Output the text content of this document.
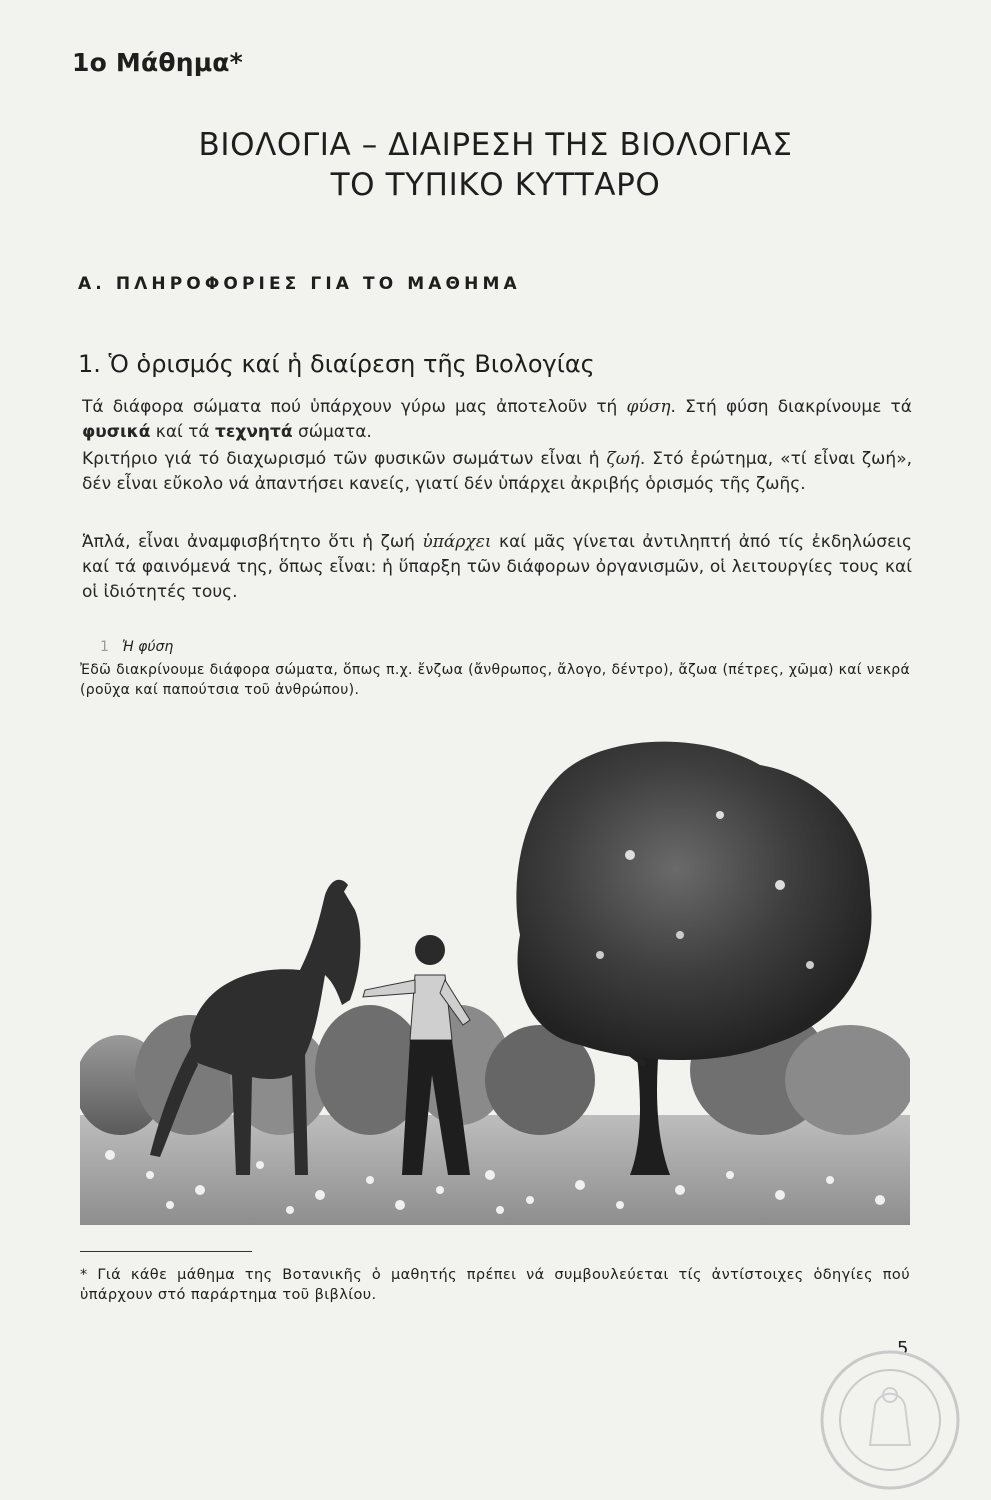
1ο Μάθημα*
ΒΙΟΛΟΓΙΑ – ΔΙΑΙΡΕΣΗ ΤΗΣ ΒΙΟΛΟΓΙΑΣ
ΤΟ ΤΥΠΙΚΟ ΚΥΤΤΑΡΟ
Α. ΠΛΗΡΟΦΟΡΙΕΣ ΓΙΑ ΤΟ ΜΑΘΗΜΑ
1. Ὁ ὁρισμός καί ἡ διαίρεση τῆς Βιολογίας
Τά διάφορα σώματα πού ὑπάρχουν γύρω μας ἀποτελοῦν τή φύση. Στή φύση διακρίνουμε τά φυσικά καί τά τεχνητά σώματα.
Κριτήριο γιά τό διαχωρισμό τῶν φυσικῶν σωμάτων εἶναι ἡ ζωή. Στό ἐρώτημα, «τί εἶναι ζωή», δέν εἶναι εὔκολο νά ἀπαντήσει κανείς, γιατί δέν ὑπάρχει ἀκριβής ὁρισμός τῆς ζωῆς.
Ἁπλά, εἶναι ἀναμφισβήτητο ὅτι ἡ ζωή ὑπάρχει καί μᾶς γίνεται ἀντιληπτή ἀπό τίς ἐκδηλώσεις καί τά φαινόμενά της, ὅπως εἶναι: ἡ ὕπαρξη τῶν διάφορων ὀργανισμῶν, οἱ λειτουργίες τους καί οἱ ἰδιότητές τους.
1 Ἡ φύση
Ἐδῶ διακρίνουμε διάφορα σώματα, ὅπως π.χ. ἔνζωα (ἄνθρωπος, ἄλογο, δέντρο), ἄζωα (πέτρες, χῶμα) καί νεκρά (ροῦχα καί παπούτσια τοῦ ἀνθρώπου).
* Γιά κάθε μάθημα της Βοτανικῆς ὁ μαθητής πρέπει νά συμβουλεύεται τίς ἀντίστοιχες ὁδηγίες πού ὑπάρχουν στό παράρτημα τοῦ βιβλίου.
5
